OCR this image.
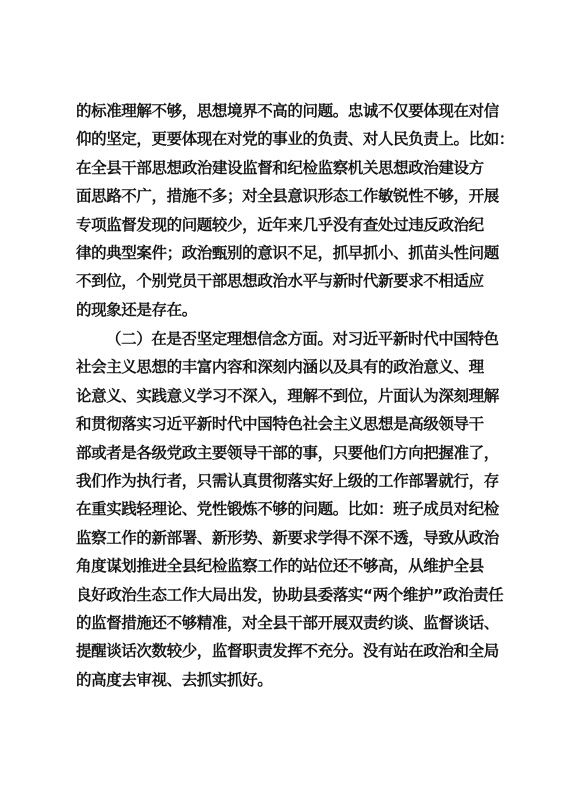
的标准理解不够，思想境界不高的问题。忠诚不仅要体现在对信
仰的坚定，更要体现在对党的事业的负责、对人民负责上。比如：
在全县干部思想政治建设监督和纪检监察机关思想政治建设方
面思路不广，措施不多；对全县意识形态工作敏锐性不够，开展
专项监督发现的问题较少，近年来几乎没有查处过违反政治纪
律的典型案件；政治甄别的意识不足，抓早抓小、抓苗头性问题
不到位，个别党员干部思想政治水平与新时代新要求不相适应
的现象还是存在。
（二）在是否坚定理想信念方面。对习近平新时代中国特色
社会主义思想的丰富内容和深刻内涵以及具有的政治意义、理
论意义、实践意义学习不深入，理解不到位，片面认为深刻理解
和贯彻落实习近平新时代中国特色社会主义思想是高级领导干
部或者是各级党政主要领导干部的事，只要他们方向把握准了，
我们作为执行者，只需认真贯彻落实好上级的工作部署就行，存
在重实践轻理论、党性锻炼不够的问题。比如：班子成员对纪检
监察工作的新部署、新形势、新要求学得不深不透，导致从政治
角度谋划推进全县纪检监察工作的站位还不够高，从维护全县
良好政治生态工作大局出发，协助县委落实“两个维护”政治责任
的监督措施还不够精准，对全县干部开展双责约谈、监督谈话、
提醒谈话次数较少，监督职责发挥不充分。没有站在政治和全局
的高度去审视、去抓实抓好。
